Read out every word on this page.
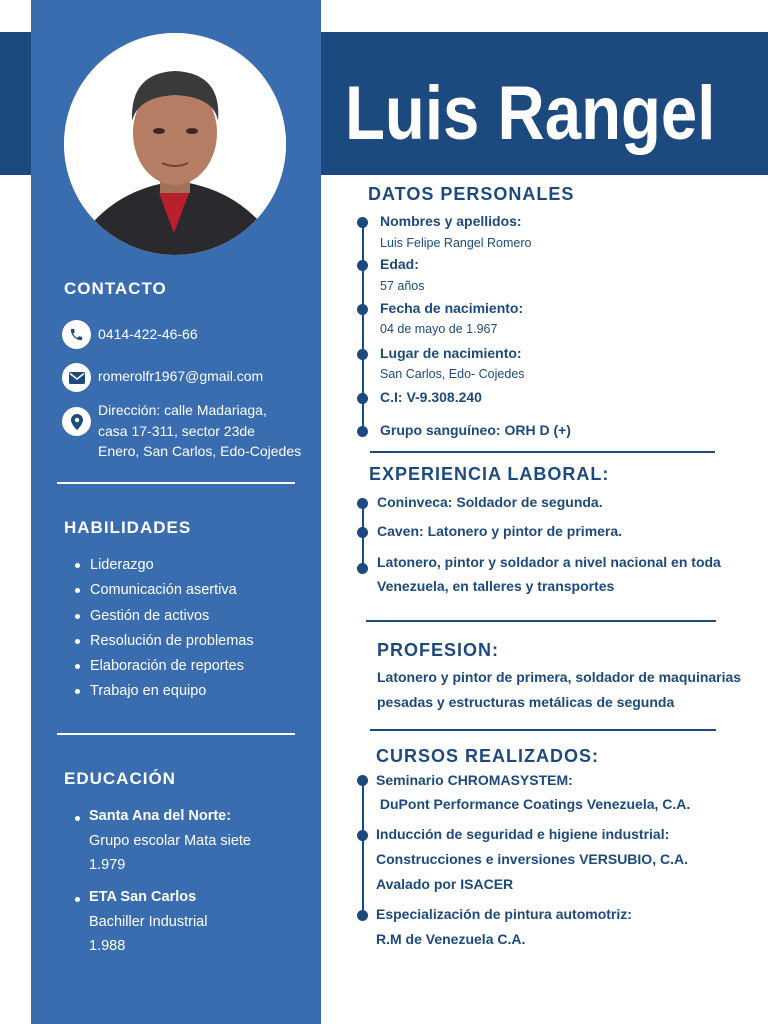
Luis Rangel
CONTACTO
0414-422-46-66
romerolfr1967@gmail.com
Dirección: calle Madariaga,
casa 17-311, sector 23de
Enero, San Carlos, Edo-Cojedes
HABILIDADES
Liderazgo
Comunicación asertiva
Gestión de activos
Resolución de problemas
Elaboración de reportes
Trabajo en equipo
EDUCACIÓN
Santa Ana del Norte:
Grupo escolar Mata siete
1.979
ETA San Carlos
Bachiller Industrial
1.988
DATOS PERSONALES
Nombres y apellidos:
Luis Felipe Rangel Romero
Edad:
57 años
Fecha de nacimiento:
04 de mayo de 1.967
Lugar de nacimiento:
San Carlos, Edo- Cojedes
C.I: V-9.308.240
Grupo sanguíneo: ORH D (+)
EXPERIENCIA LABORAL:
Coninveca: Soldador de segunda.
Caven: Latonero y pintor de primera.
Latonero, pintor y soldador a nivel nacional en toda
Venezuela, en talleres y transportes
PROFESION:
Latonero y pintor de primera, soldador de maquinarias
pesadas y estructuras metálicas de segunda
CURSOS REALIZADOS:
Seminario CHROMASYSTEM:
DuPont Performance Coatings Venezuela, C.A.
Inducción de seguridad e higiene industrial:
Construcciones e inversiones VERSUBIO, C.A.
Avalado por ISACER
Especialización de pintura automotriz:
R.M de Venezuela C.A.
